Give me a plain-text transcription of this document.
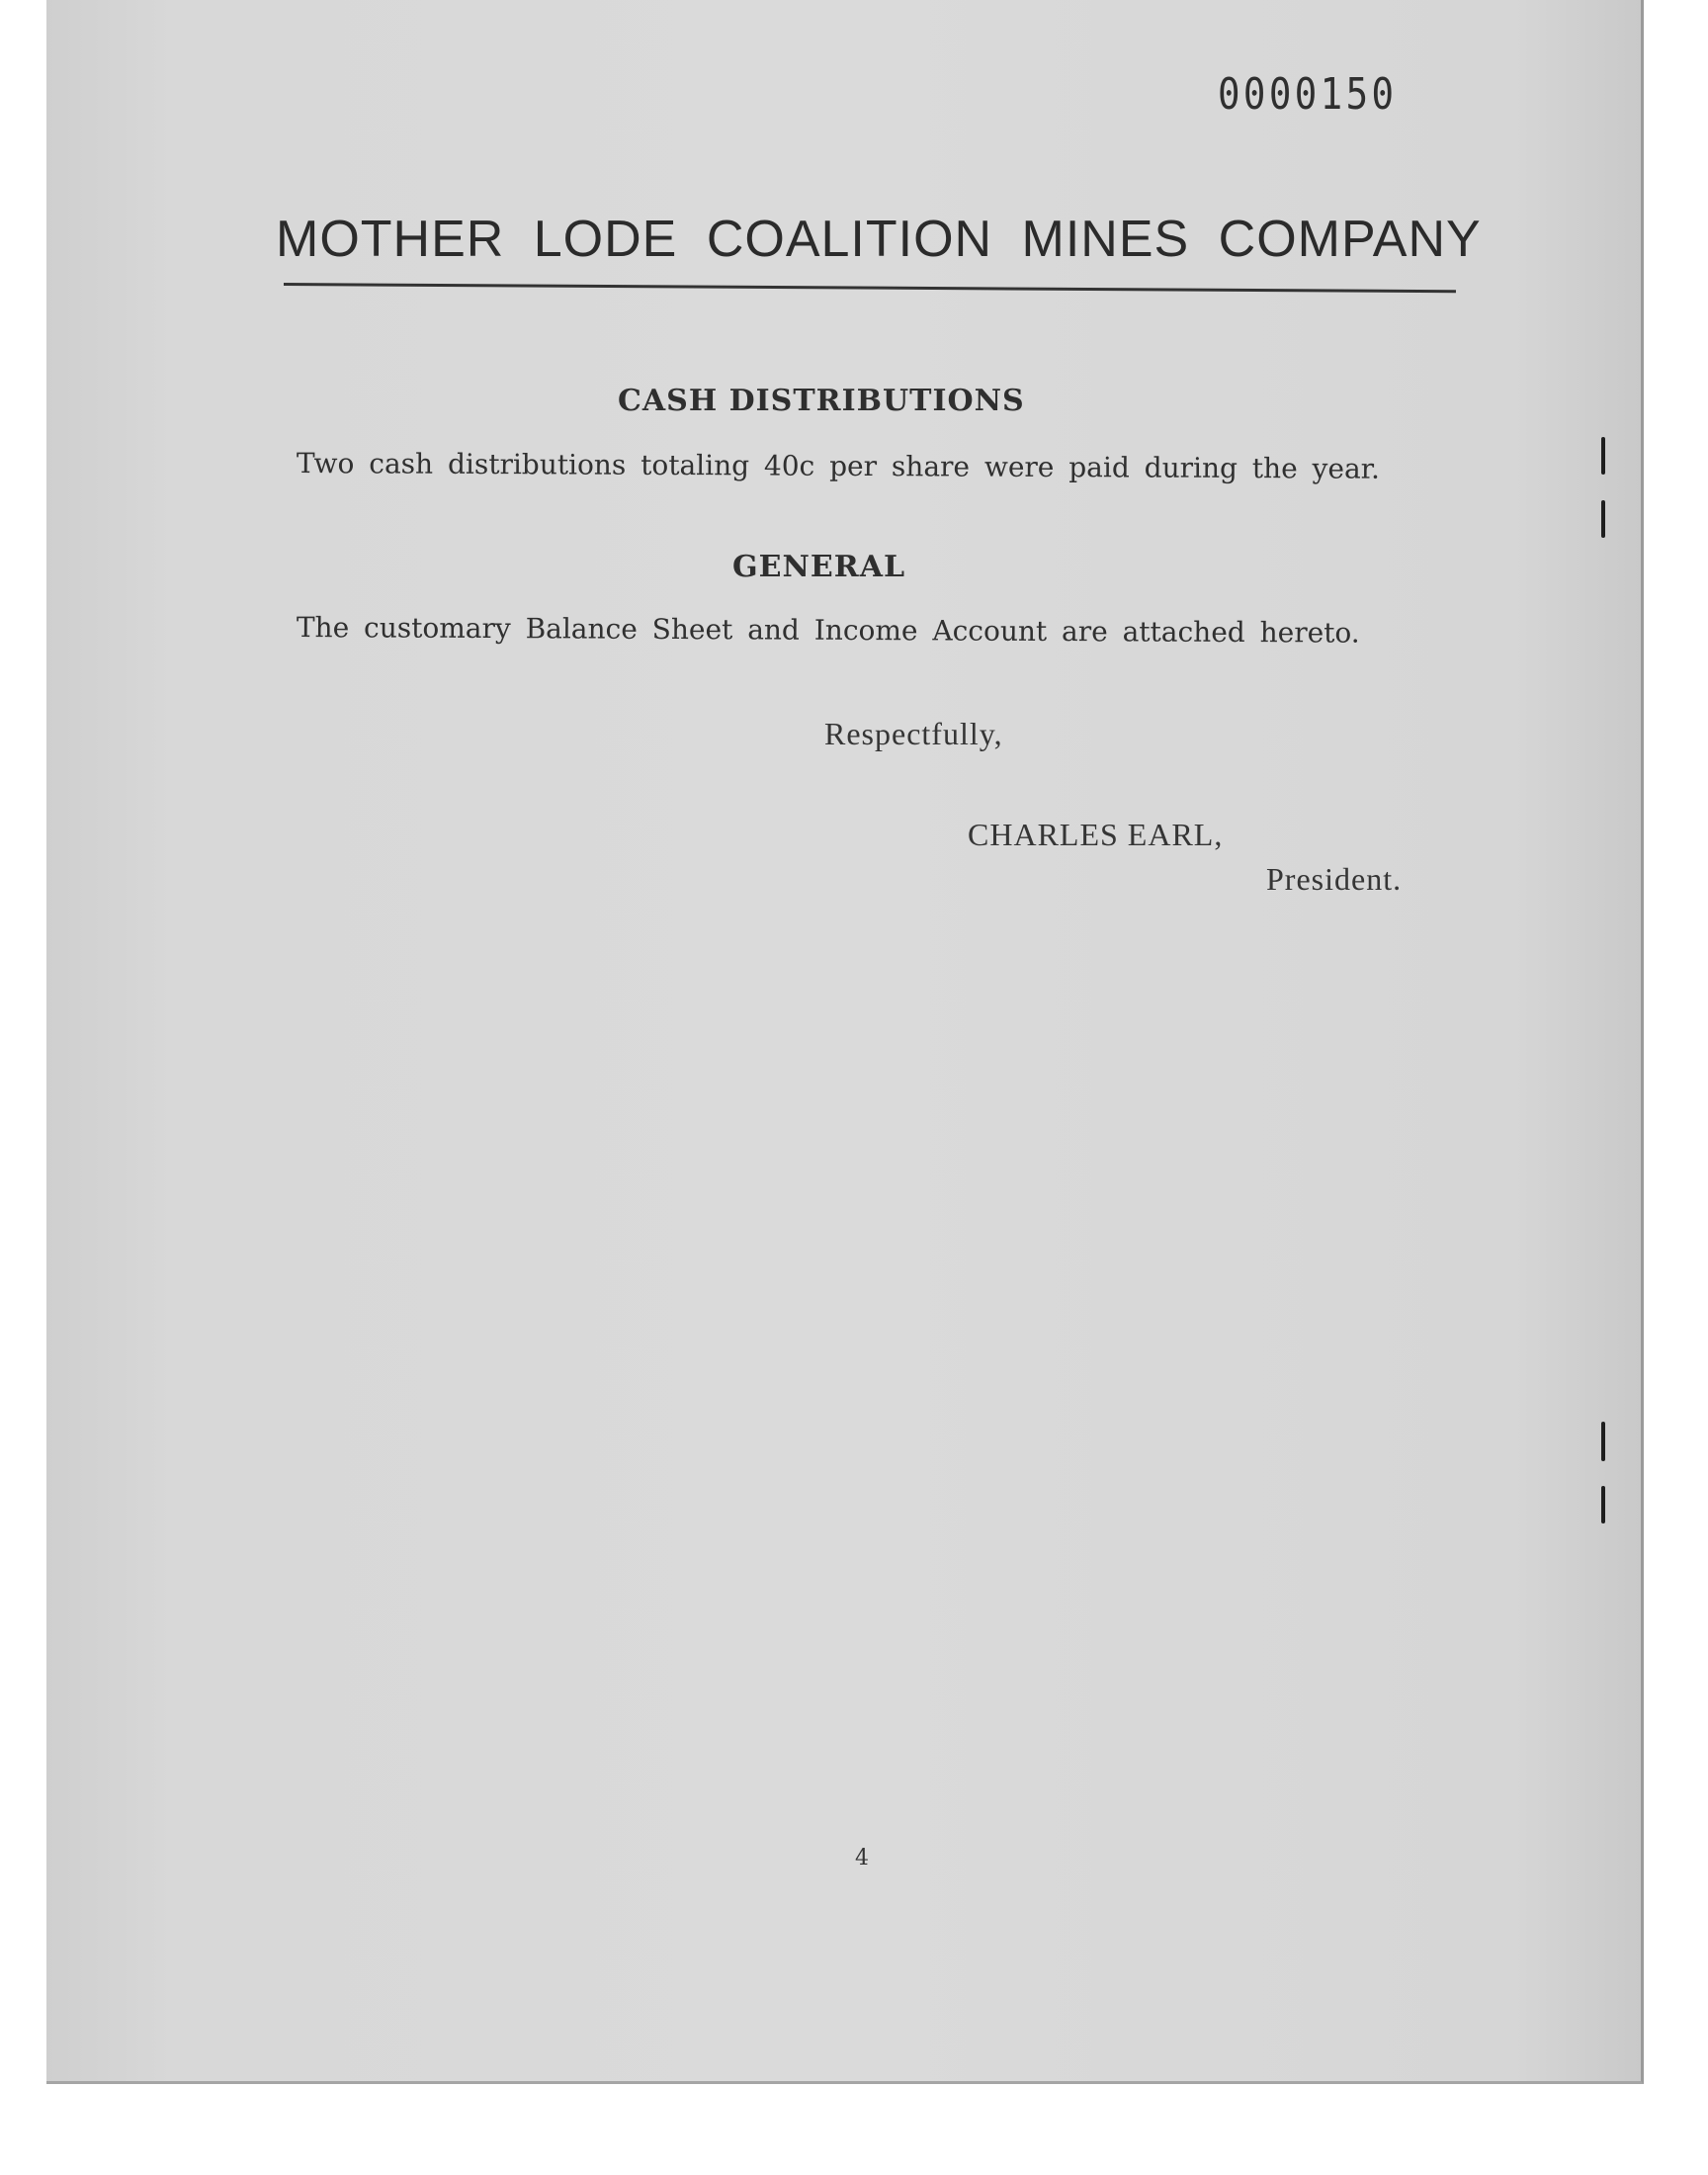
0000150
MOTHER LODE COALITION MINES COMPANY
CASH DISTRIBUTIONS
Two cash distributions totaling 40c per share were paid during the year.
GENERAL
The customary Balance Sheet and Income Account are attached hereto.
Respectfully,
CHARLES EARL,
President.
4
